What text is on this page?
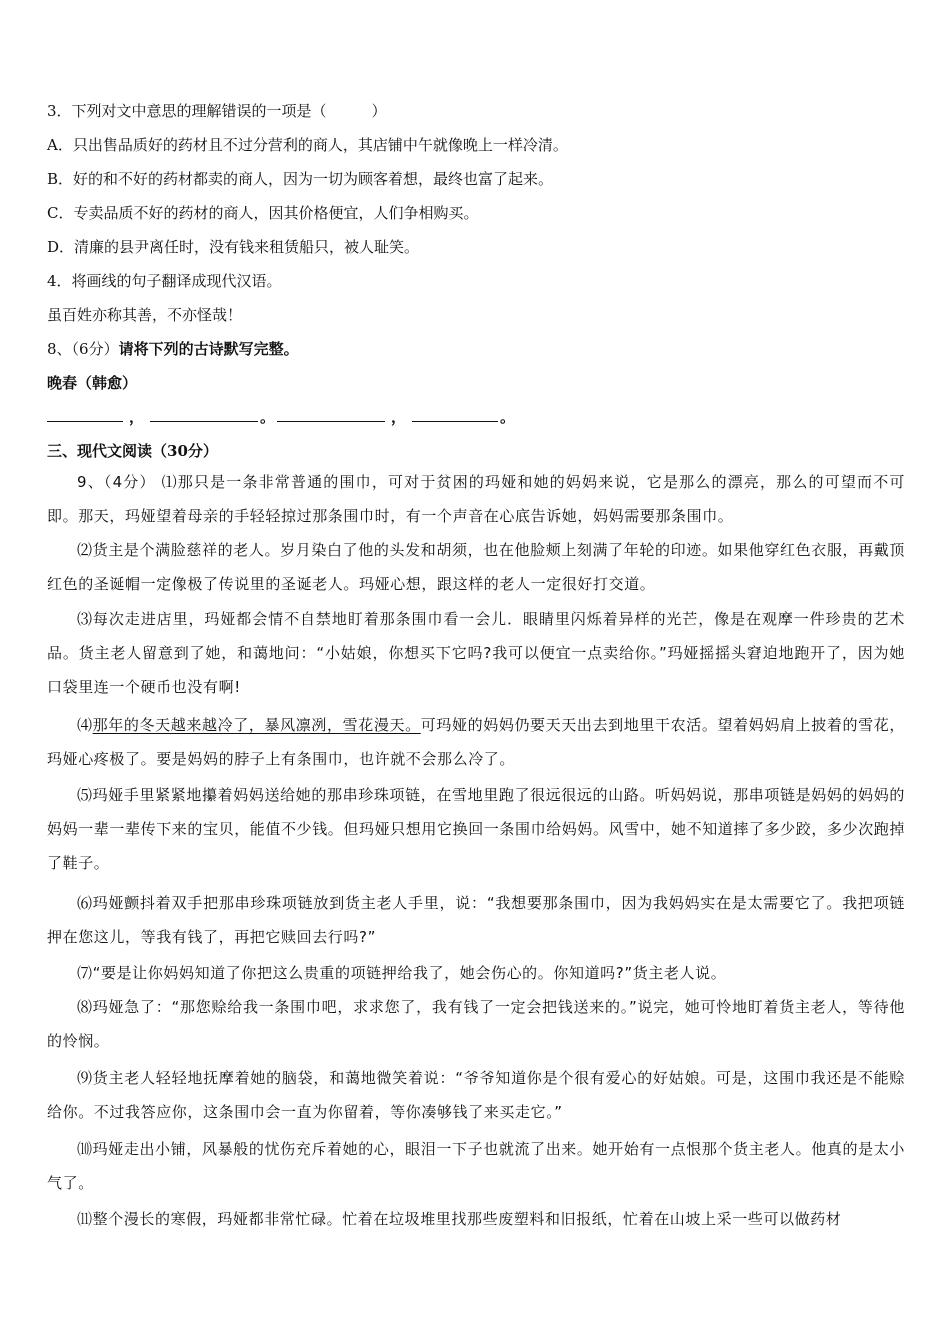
3．下列对文中意思的理解错误的一项是（　　　）
A．只出售品质好的药材且不过分营利的商人，其店铺中午就像晚上一样冷清。
B．好的和不好的药材都卖的商人，因为一切为顾客着想，最终也富了起来。
C．专卖品质不好的药材的商人，因其价格便宜，人们争相购买。
D．清廉的县尹离任时，没有钱来租赁船只，被人耻笑。
4．将画线的句子翻译成现代汉语。
虽百姓亦称其善，不亦怪哉！
8、（6分）请将下列的古诗默写完整。
晚春（韩愈）
，	。	，	。
三、现代文阅读（30分）
9、（4分） ⑴那只是一条非常普通的围巾，可对于贫困的玛娅和她的妈妈来说，它是那么的漂亮，那么的可望而不可即。那天，玛娅望着母亲的手轻轻掠过那条围巾时，有一个声音在心底告诉她，妈妈需要那条围巾。
⑵货主是个满脸慈祥的老人。岁月染白了他的头发和胡须，也在他脸颊上刻满了年轮的印迹。如果他穿红色衣服，再戴顶红色的圣诞帽一定像极了传说里的圣诞老人。玛娅心想，跟这样的老人一定很好打交道。
⑶每次走进店里，玛娅都会情不自禁地盯着那条围巾看一会儿．眼睛里闪烁着异样的光芒，像是在观摩一件珍贵的艺术品。货主老人留意到了她，和蔼地问：“小姑娘，你想买下它吗?我可以便宜一点卖给你。”玛娅摇摇头窘迫地跑开了，因为她口袋里连一个硬币也没有啊!
⑷那年的冬天越来越冷了，暴风凛冽，雪花漫天。可玛娅的妈妈仍要天天出去到地里干农活。望着妈妈肩上披着的雪花，玛娅心疼极了。要是妈妈的脖子上有条围巾，也许就不会那么冷了。
⑸玛娅手里紧紧地攥着妈妈送给她的那串珍珠项链，在雪地里跑了很远很远的山路。听妈妈说，那串项链是妈妈的妈妈的妈妈一辈一辈传下来的宝贝，能值不少钱。但玛娅只想用它换回一条围巾给妈妈。风雪中，她不知道摔了多少跤，多少次跑掉了鞋子。
⑹玛娅颤抖着双手把那串珍珠项链放到货主老人手里，说：“我想要那条围巾，因为我妈妈实在是太需要它了。我把项链押在您这儿，等我有钱了，再把它赎回去行吗?”
⑺“要是让你妈妈知道了你把这么贵重的项链押给我了，她会伤心的。你知道吗?”货主老人说。
⑻玛娅急了：“那您赊给我一条围巾吧，求求您了，我有钱了一定会把钱送来的。”说完，她可怜地盯着货主老人，等待他的怜悯。
⑼货主老人轻轻地抚摩着她的脑袋，和蔼地微笑着说：“爷爷知道你是个很有爱心的好姑娘。可是，这围巾我还是不能赊给你。不过我答应你，这条围巾会一直为你留着，等你凑够钱了来买走它。”
⑽玛娅走出小铺，风暴般的忧伤充斥着她的心，眼泪一下子也就流了出来。她开始有一点恨那个货主老人。他真的是太小气了。
⑾整个漫长的寒假，玛娅都非常忙碌。忙着在垃圾堆里找那些废塑料和旧报纸，忙着在山坡上采一些可以做药材
